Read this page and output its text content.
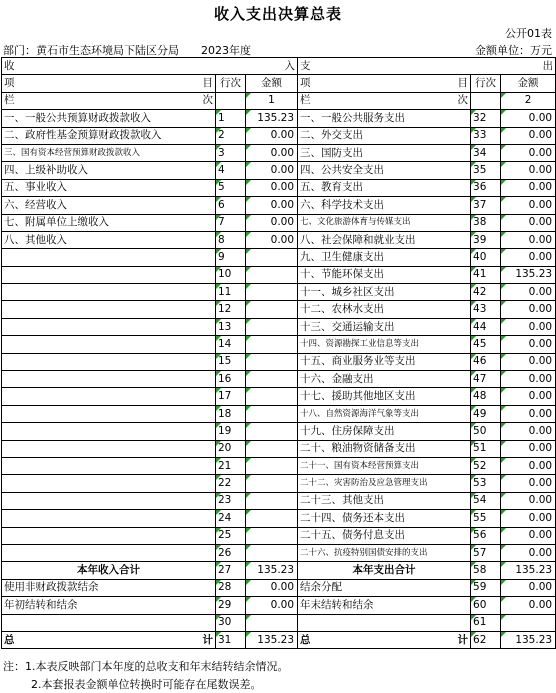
收入支出决算总表
公开01表
部门：黄石市生态环境局下陆区分局 2023年度	金额单位：万元
收 入			支 出		

项 目	行次	金额	项 目	行次	金额

栏 次		1	栏 次		2
一、一般公共预算财政拨款收入	1	135.23	一、一般公共服务支出	32	0.00
二、政府性基金预算财政拨款收入	2	0.00	二、外交支出	33	0.00
三、国有资本经营预算财政拨款收入	3	0.00	三、国防支出	34	0.00
四、上级补助收入	4	0.00	四、公共安全支出	35	0.00
五、事业收入	5	0.00	五、教育支出	36	0.00
六、经营收入	6	0.00	六、科学技术支出	37	0.00
七、附属单位上缴收入	7	0.00	七、文化旅游体育与传媒支出	38	0.00
八、其他收入	8	0.00	八、社会保障和就业支出	39	0.00
	9		九、卫生健康支出	40	0.00
	10		十、节能环保支出	41	135.23
	11		十一、城乡社区支出	42	0.00
	12		十二、农林水支出	43	0.00
	13		十三、交通运输支出	44	0.00
	14		十四、资源勘探工业信息等支出	45	0.00
	15		十五、商业服务业等支出	46	0.00
	16		十六、金融支出	47	0.00
	17		十七、援助其他地区支出	48	0.00
	18		十八、自然资源海洋气象等支出	49	0.00
	19		十九、住房保障支出	50	0.00
	20		二十、粮油物资储备支出	51	0.00
	21		二十一、国有资本经营预算支出	52	0.00
	22		二十二、灾害防治及应急管理支出	53	0.00
	23		二十三、其他支出	54	0.00
	24		二十四、债务还本支出	55	0.00
	25		二十五、债务付息支出	56	0.00
	26		二十六、抗疫特别国债安排的支出	57	0.00
本年收入合计	27	135.23	本年支出合计	58	135.23
使用非财政拨款结余	28	0.00	结余分配	59	0.00
年初结转和结余	29	0.00	年末结转和结余	60	0.00
	30			61	

总 计	31	135.23	总 计	62	135.23
注：1.本表反映部门本年度的总收支和年末结转结余情况。
2.本套报表金额单位转换时可能存在尾数误差。
